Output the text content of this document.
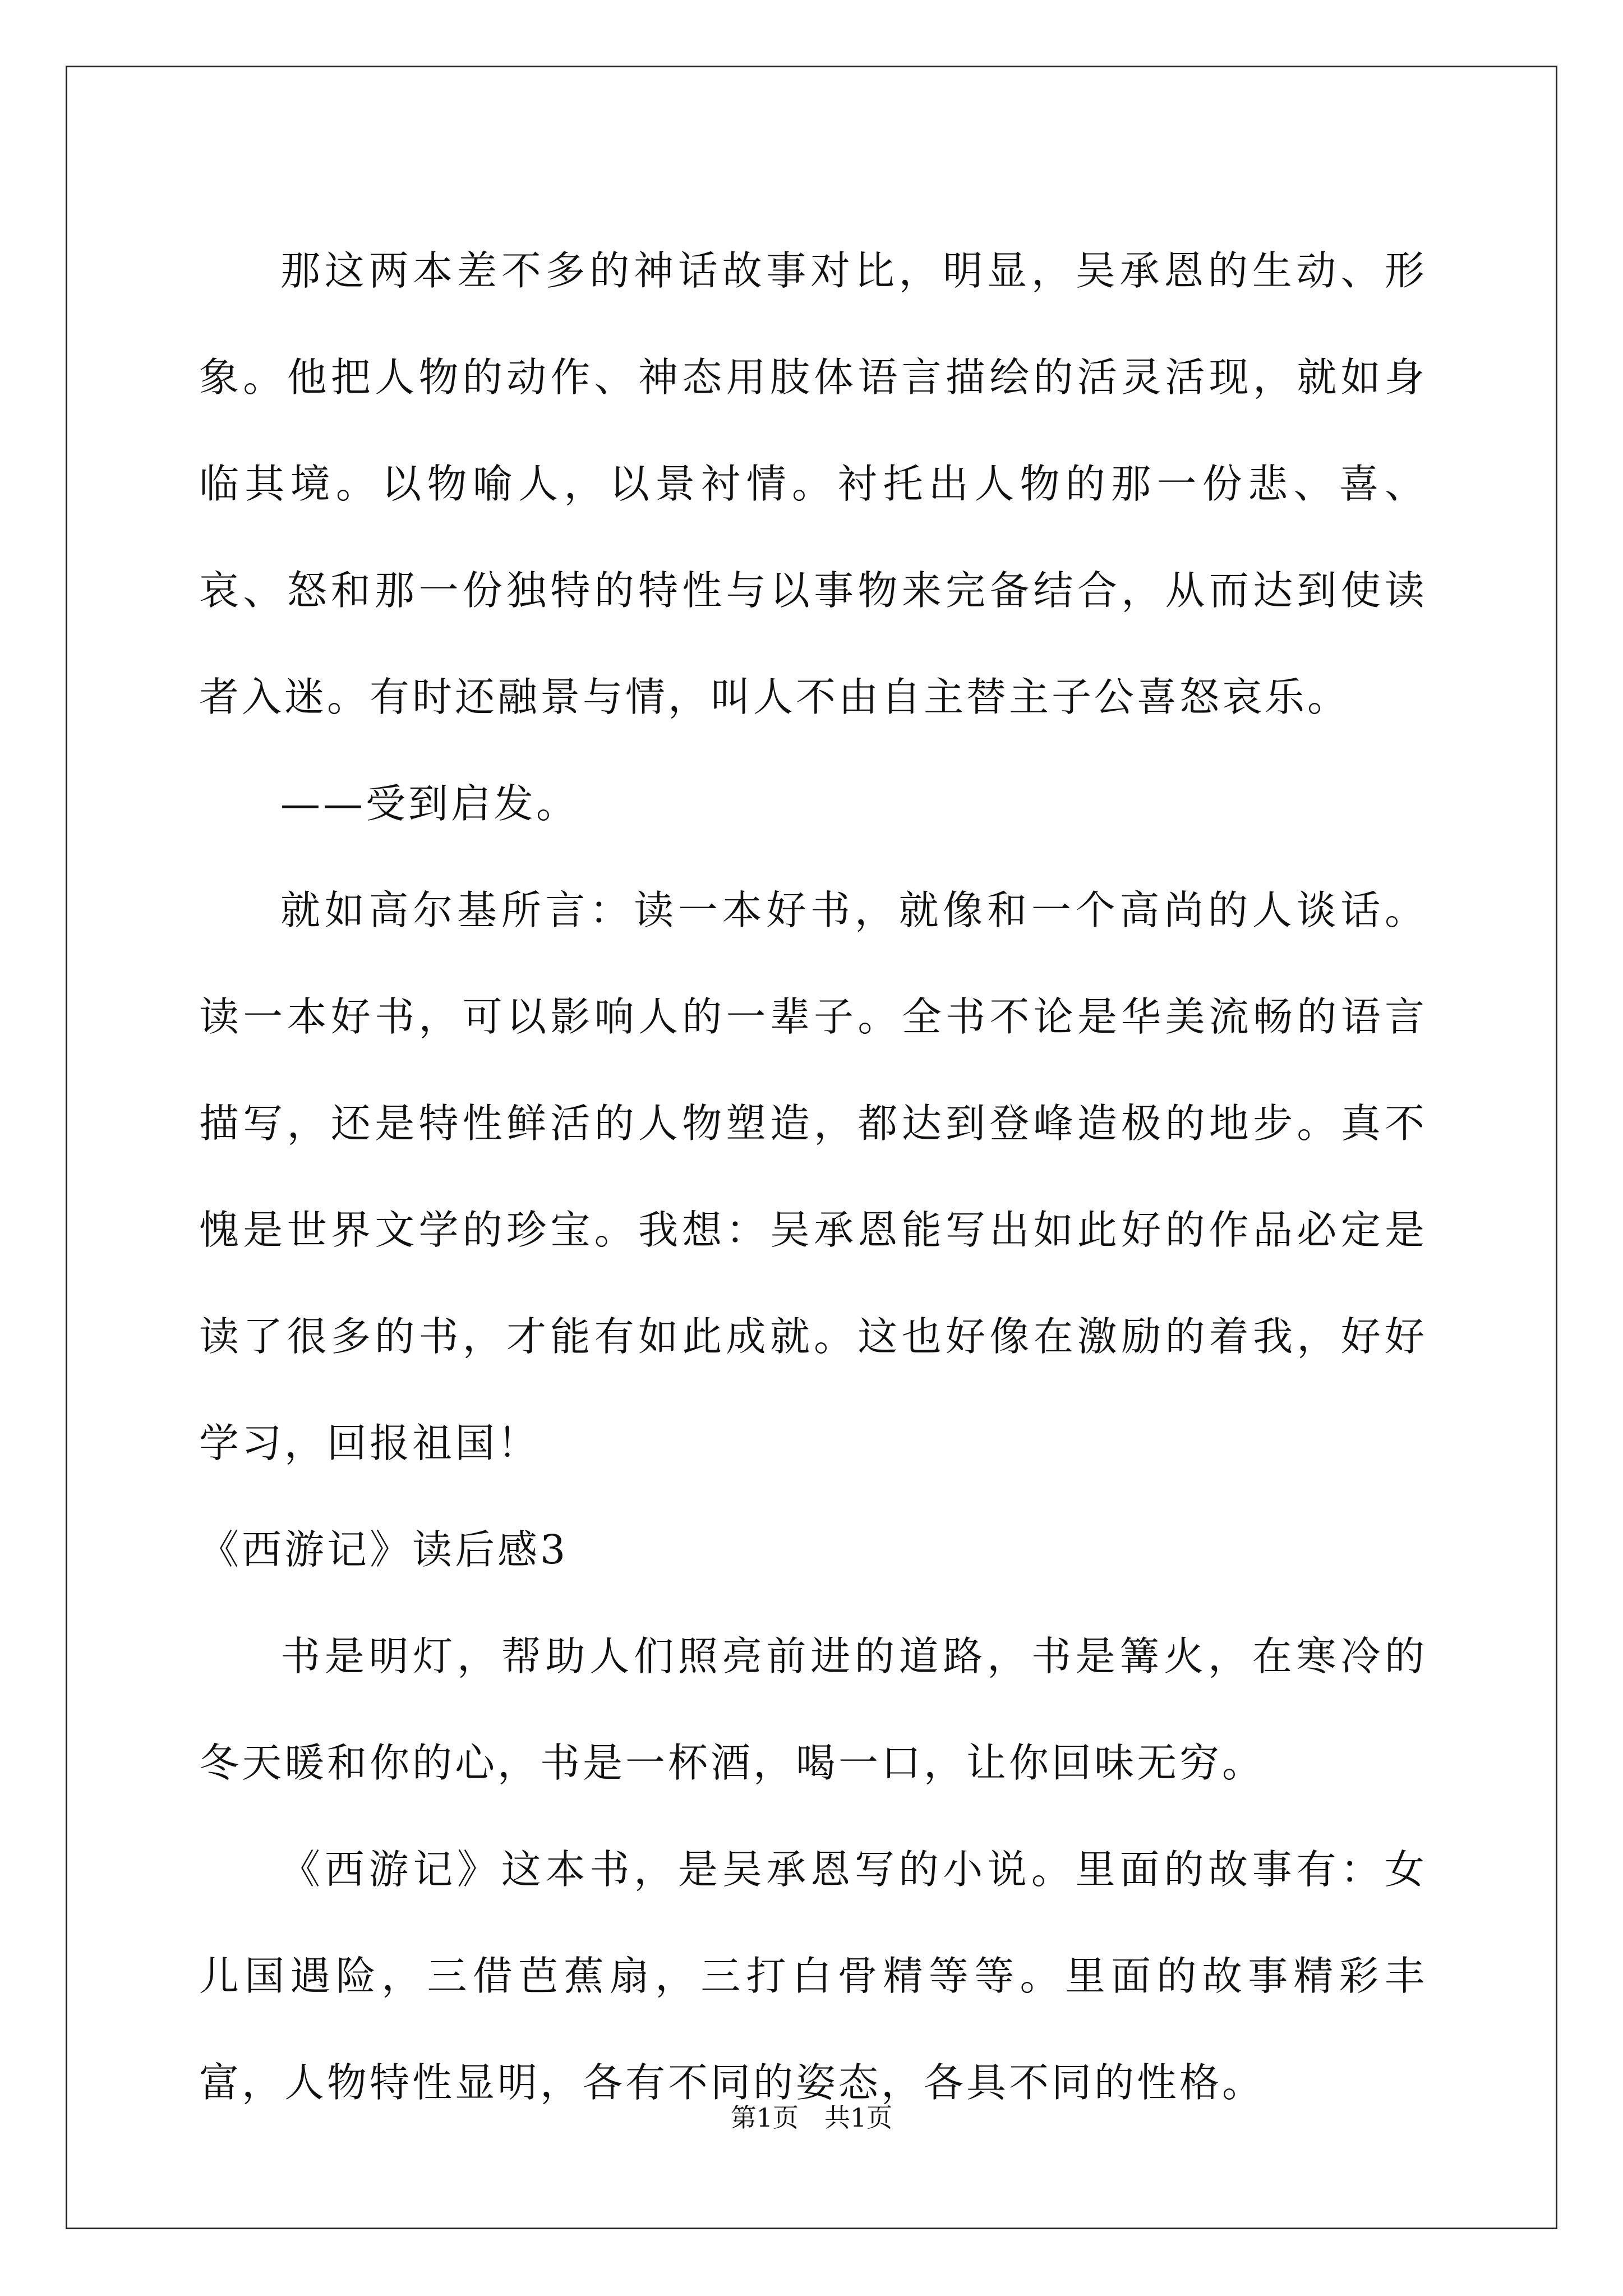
那这两本差不多的神话故事对比，明显，吴承恩的生动、形象。他把人物的动作、神态用肢体语言描绘的活灵活现，就如身临其境。以物喻人，以景衬情。衬托出人物的那一份悲、喜、哀、怒和那一份独特的特性与以事物来完备结合，从而达到使读者入迷。有时还融景与情，叫人不由自主替主子公喜怒哀乐。

——受到启发。

就如高尔基所言：读一本好书，就像和一个高尚的人谈话。读一本好书，可以影响人的一辈子。全书不论是华美流畅的语言描写，还是特性鲜活的人物塑造，都达到登峰造极的地步。真不愧是世界文学的珍宝。我想：吴承恩能写出如此好的作品必定是读了很多的书，才能有如此成就。这也好像在激励的着我，好好学习，回报祖国！

《西游记》读后感3

书是明灯，帮助人们照亮前进的道路，书是篝火，在寒冷的冬天暖和你的心，书是一杯酒，喝一口，让你回味无穷。

《西游记》这本书，是吴承恩写的小说。里面的故事有：女儿国遇险，三借芭蕉扇，三打白骨精等等。里面的故事精彩丰富，人物特性显明，各有不同的姿态，各具不同的性格。

第1页 共1页
